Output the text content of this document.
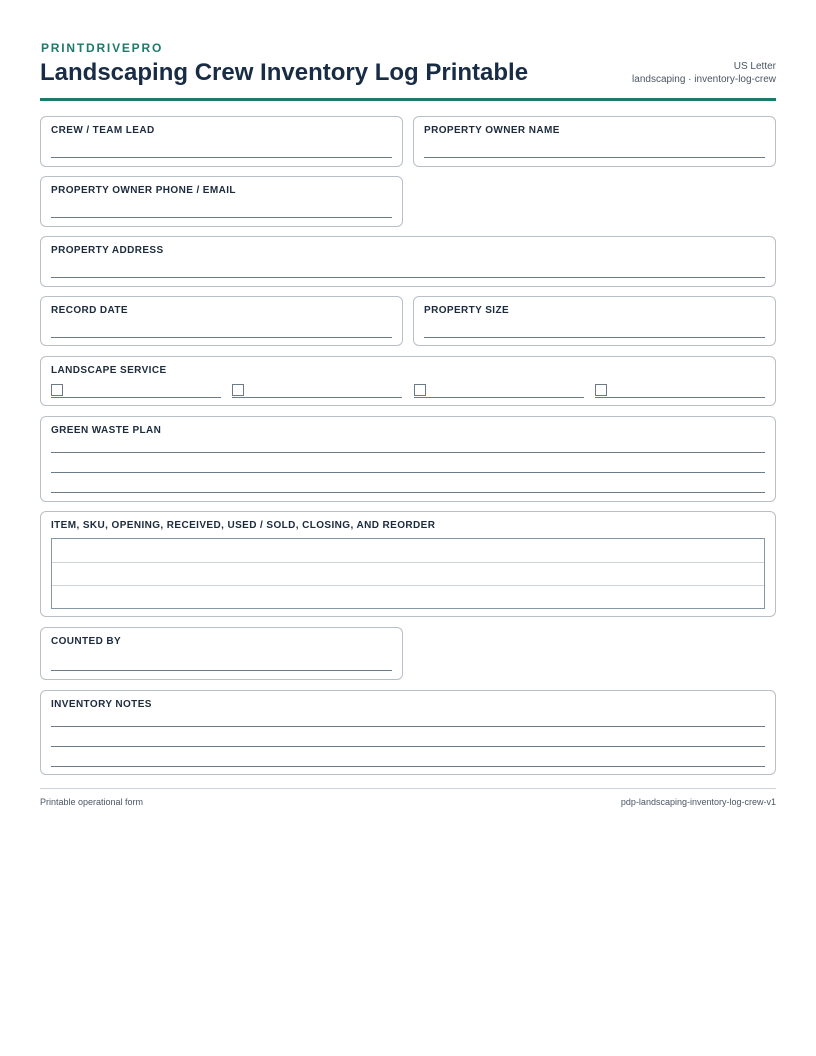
PRINTDRIVEPRO
Landscaping Crew Inventory Log Printable	US Letter
landscaping · inventory-log-crew
CREW / TEAM LEAD	PROPERTY OWNER NAME
PROPERTY OWNER PHONE / EMAIL
PROPERTY ADDRESS
RECORD DATE	PROPERTY SIZE
LANDSCAPE SERVICE
GREEN WASTE PLAN
ITEM, SKU, OPENING, RECEIVED, USED / SOLD, CLOSING, AND REORDER
COUNTED BY
INVENTORY NOTES
Printable operational form	pdp-landscaping-inventory-log-crew-v1
